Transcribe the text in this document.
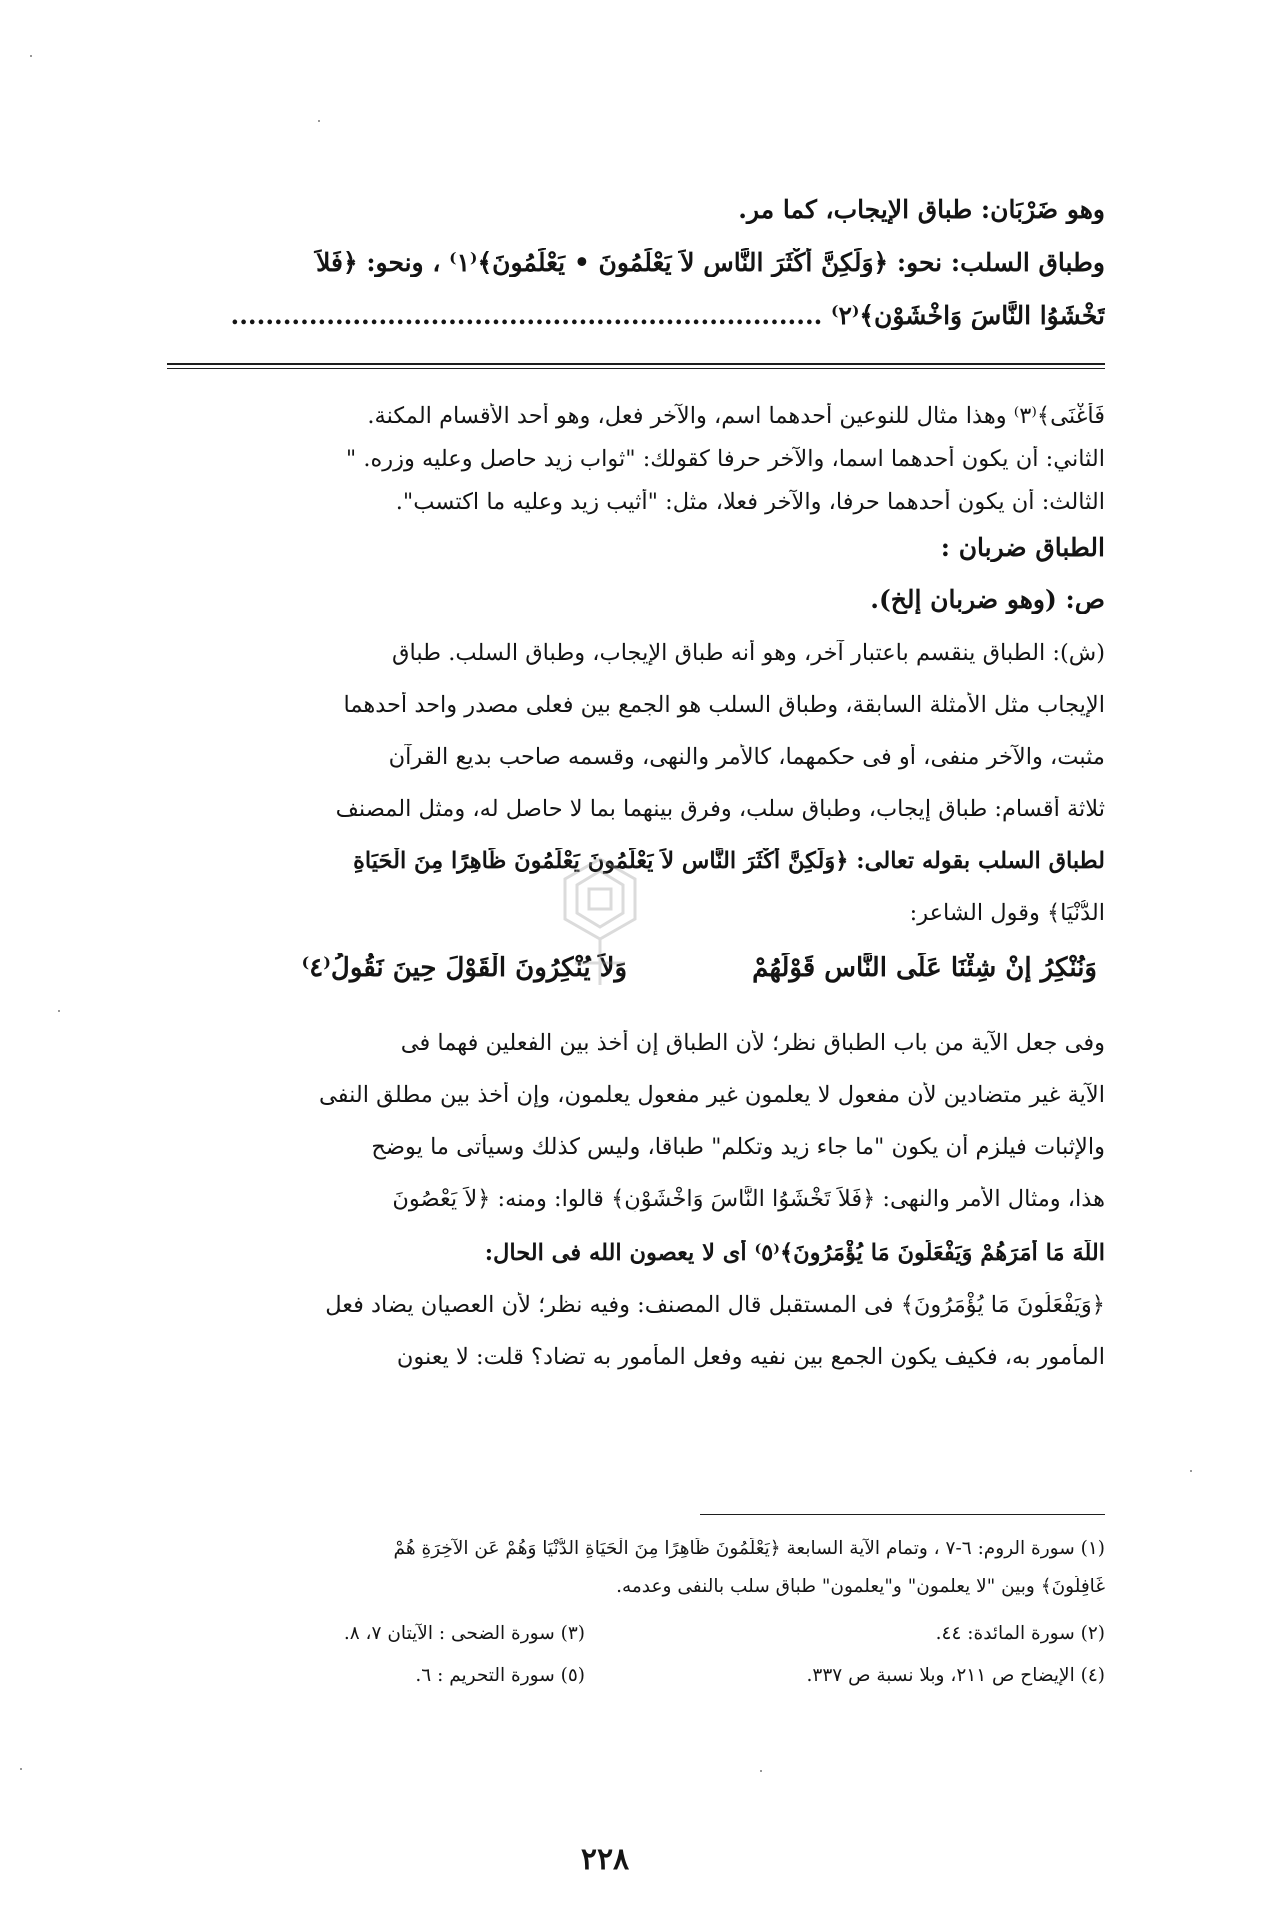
وهو ضَرْبَان: طباق الإيجاب، كما مر.
وطباق السلب: نحو: ﴿وَلَكِنَّ أَكْثَرَ النَّاسِ لاَ يَعْلَمُونَ • يَعْلَمُونَ﴾⁽١⁾ ، ونحو: ﴿فَلاَ
تَخْشَوُا النَّاسَ وَاخْشَوْنِ﴾⁽٢⁾ ....................................................................
فَأَغْنَى﴾⁽٣⁾ وهذا مثال للنوعين أحدهما اسم، والآخر فعل، وهو أحد الأقسام المكنة.
الثاني: أن يكون أحدهما اسما، والآخر حرفا كقولك: "ثواب زيد حاصل وعليه وزره. "
الثالث: أن يكون أحدهما حرفا، والآخر فعلا، مثل: "أثيب زيد وعليه ما اكتسب".
الطباق ضربان :
ص: (وهو ضربان إلخ).
(ش): الطباق ينقسم باعتبار آخر، وهو أنه طباق الإيجاب، وطباق السلب. طباق
الإيجاب مثل الأمثلة السابقة، وطباق السلب هو الجمع بين فعلى مصدر واحد أحدهما
مثبت، والآخر منفى، أو فى حكمهما، كالأمر والنهى، وقسمه صاحب بديع القرآن
ثلاثة أقسام: طباق إيجاب، وطباق سلب، وفرق بينهما بما لا حاصل له، ومثل المصنف
لطباق السلب بقوله تعالى: ﴿وَلَكِنَّ أَكْثَرَ النَّاسِ لاَ يَعْلَمُونَ يَعْلَمُونَ ظَاهِرًا مِنَ الْحَيَاةِ
الدُّنْيَا﴾ وقول الشاعر:
وَنُنْكِرُ إِنْ شِئْنَا عَلَى النَّاسِ قَوْلَهُمْ
وَلاَ يُنْكِرُونَ الْقَوْلَ حِينَ نَقُولُ⁽٤⁾
وفى جعل الآية من باب الطباق نظر؛ لأن الطباق إن أخذ بين الفعلين فهما فى
الآية غير متضادين لأن مفعول لا يعلمون غير مفعول يعلمون، وإن أخذ بين مطلق النفى
والإثبات فيلزم أن يكون "ما جاء زيد وتكلم" طباقا، وليس كذلك وسيأتى ما يوضح
هذا، ومثال الأمر والنهى: ﴿فَلاَ تَخْشَوُا النَّاسَ وَاخْشَوْنِ﴾ قالوا: ومنه: ﴿لاَ يَعْصُونَ
اللَّهَ مَا أَمَرَهُمْ وَيَفْعَلُونَ مَا يُؤْمَرُونَ﴾⁽٥⁾ أى لا يعصون الله فى الحال:
﴿وَيَفْعَلُونَ مَا يُؤْمَرُونَ﴾ فى المستقبل قال المصنف: وفيه نظر؛ لأن العصيان يضاد فعل
المأمور به، فكيف يكون الجمع بين نفيه وفعل المأمور به تضاد؟ قلت: لا يعنون
(١) سورة الروم: ٦-٧ ، وتمام الآية السابعة ﴿يَعْلَمُونَ ظَاهِرًا مِنَ الْحَيَاةِ الدُّنْيَا وَهُمْ عَنِ الآخِرَةِ هُمْ
غَافِلُونَ﴾ وبين "لا يعلمون" و"يعلمون" طباق سلب بالنفى وعدمه.
(٢) سورة المائدة: ٤٤.
(٣) سورة الضحى : الآيتان ٧، ٨.
(٤) الإيضاح ص ٢١١، وبلا نسبة ص ٣٣٧.
(٥) سورة التحريم : ٦.
٢٢٨
